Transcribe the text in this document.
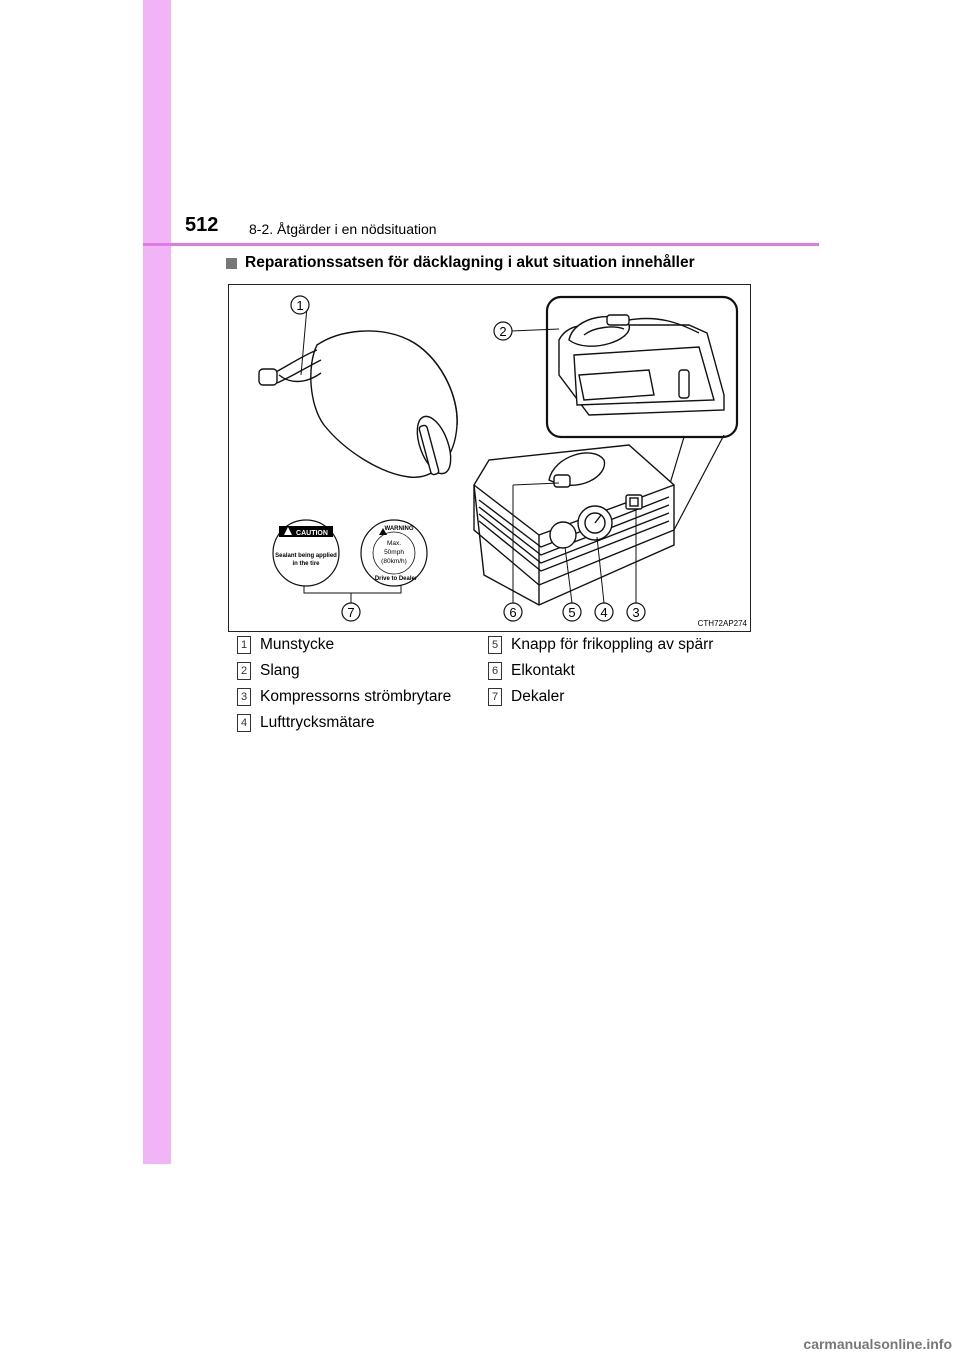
512 8-2. Åtgärder i en nödsituation
Reparationssatsen för däcklagning i akut situation innehåller
1
2
3
4
5
6
7
CAUTION
Sealant being applied
in the tire
WARNING
Max.
50mph
(80km/h)
Drive to Dealer
CTH72AP274
1 Munstycke
2 Slang
3 Kompressorns strömbrytare
4 Lufttrycksmätare
5 Knapp för frikoppling av spärr
6 Elkontakt
7 Dekaler
carmanualsonline.info
